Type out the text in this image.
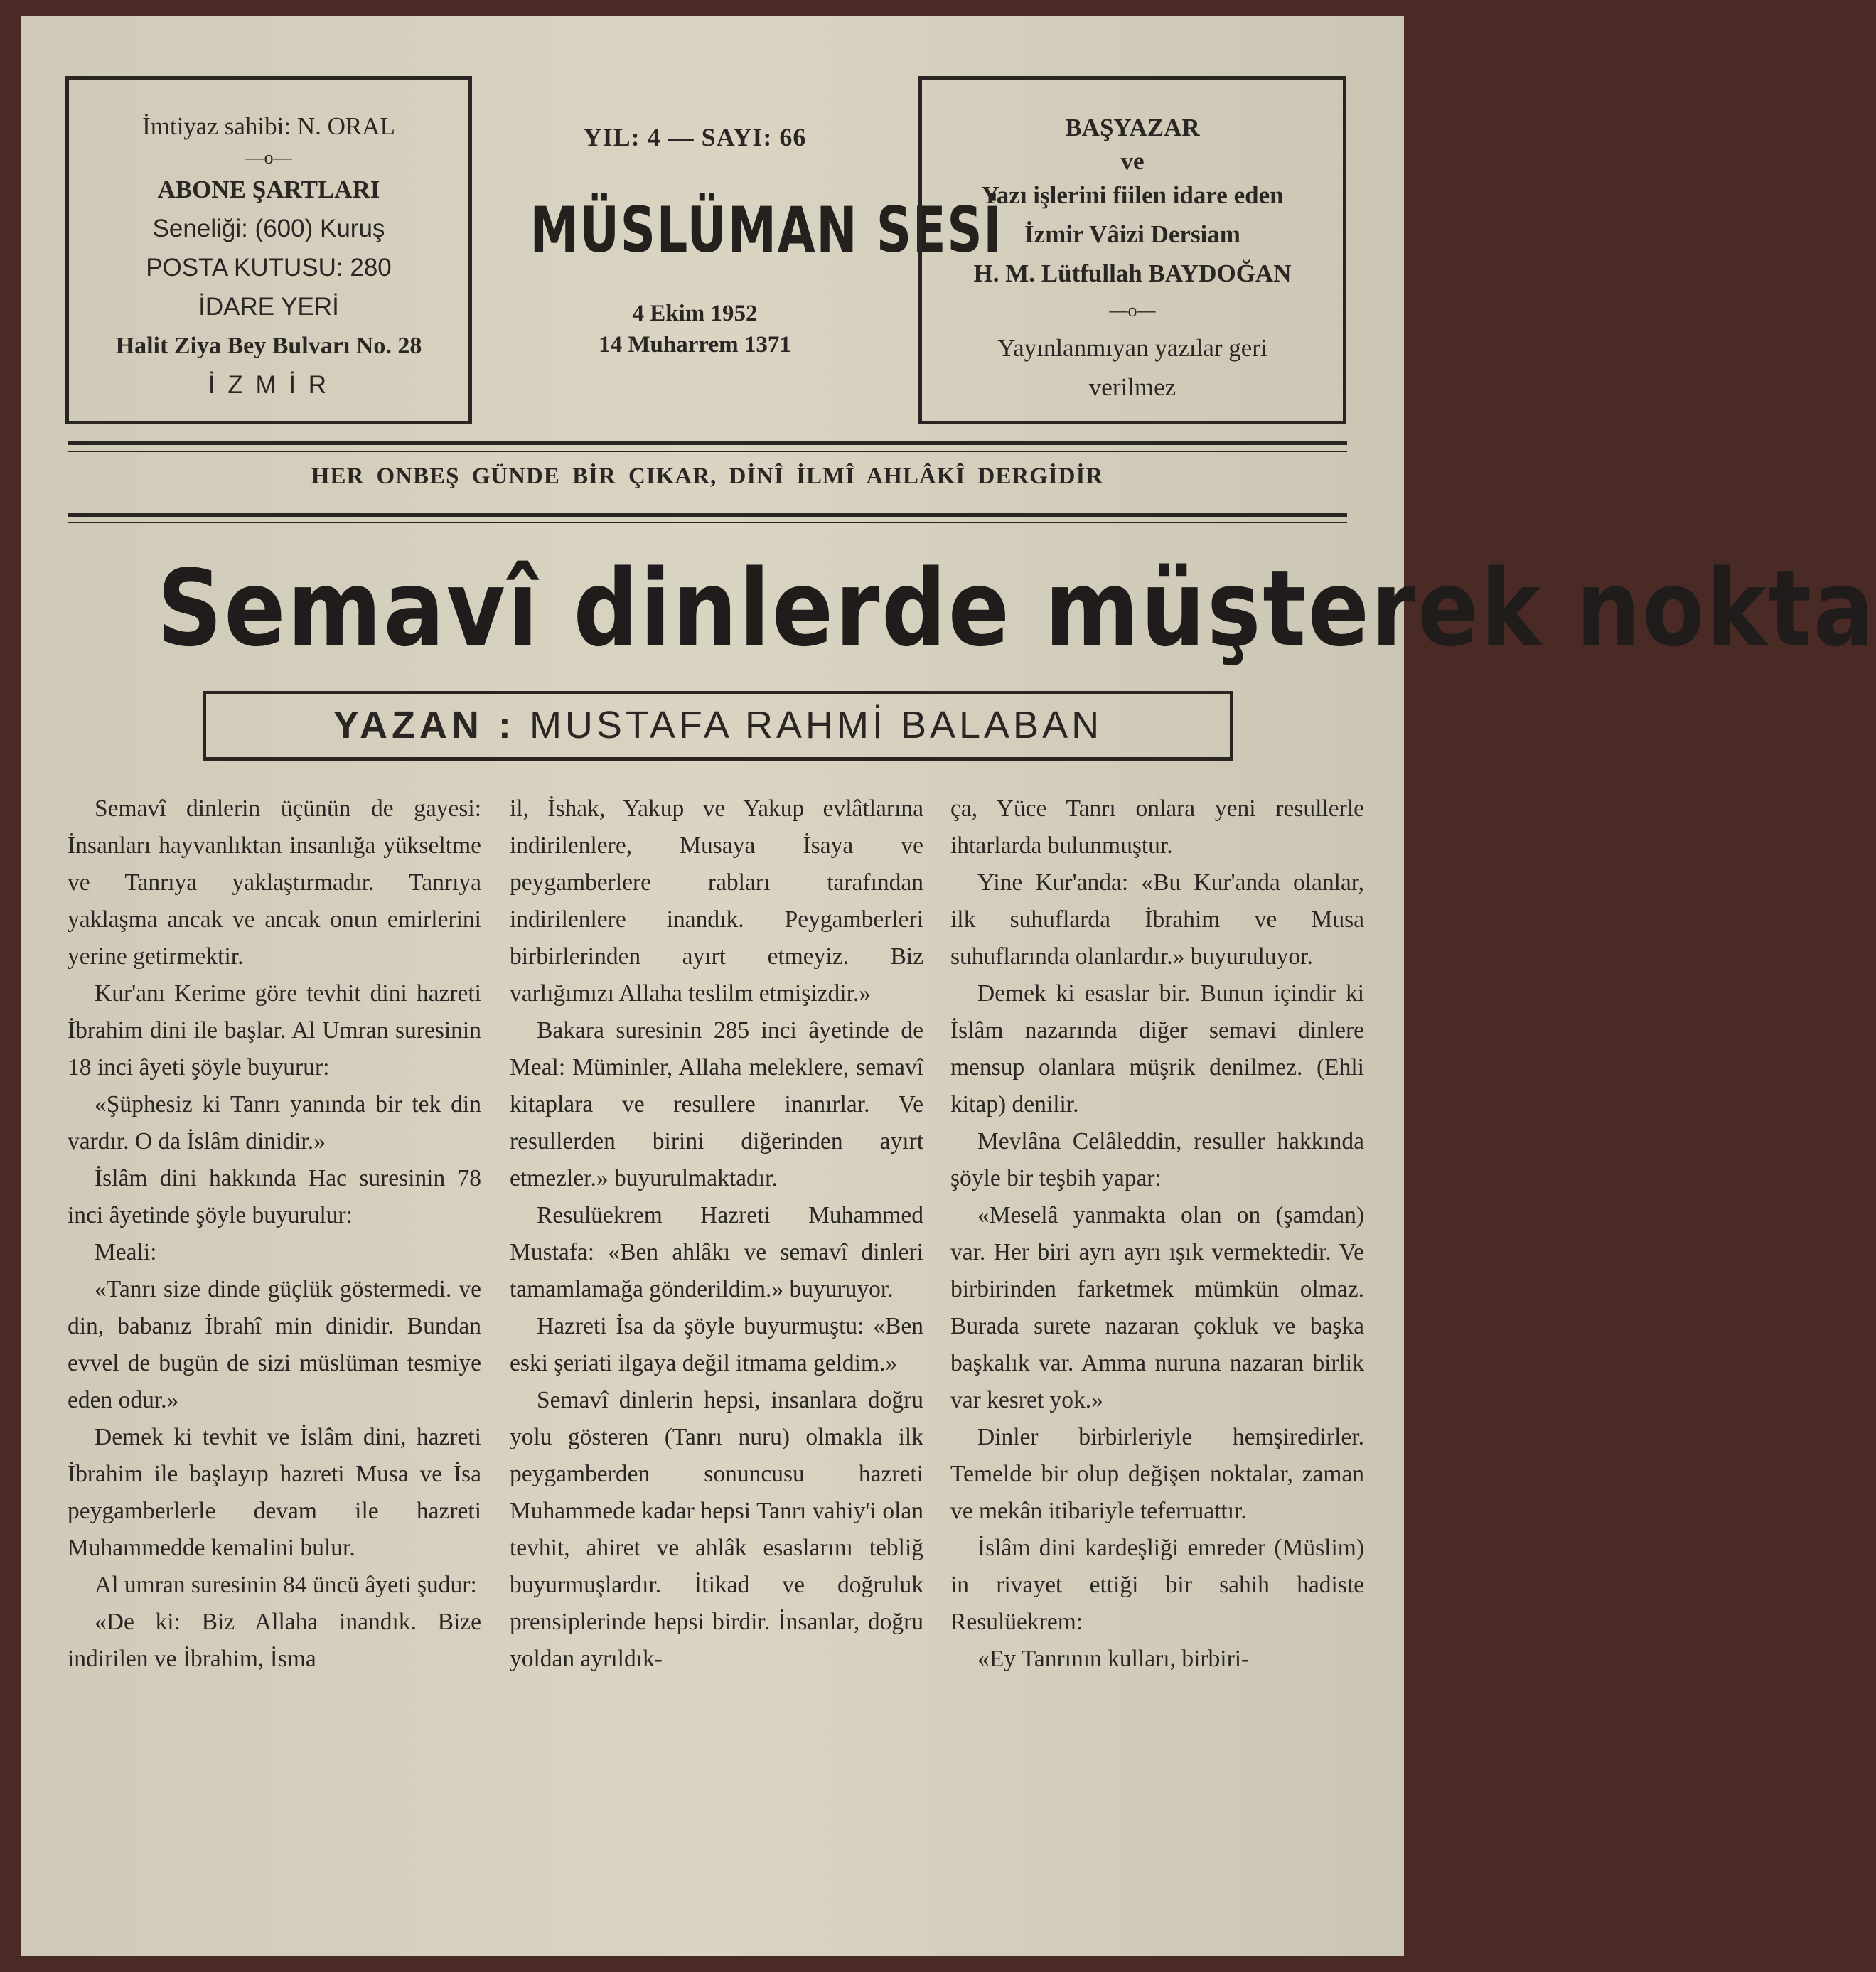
İmtiyaz sahibi: N. ORAL
—o—
ABONE ŞARTLARI
Seneliği: (600) Kuruş
POSTA KUTUSU: 280
İDARE YERİ
Halit Ziya Bey Bulvarı No. 28
İ Z M İ R
YIL: 4 — SAYI: 66
MÜSLÜMAN SESİ
4 Ekim 1952
14 Muharrem 1371
BAŞYAZAR
ve
Yazı işlerini fiilen idare eden
İzmir Vâizi Dersiam
H. M. Lütfullah BAYDOĞAN
—o—
Yayınlanmıyan yazılar geri
verilmez
HER ONBEŞ GÜNDE BİR ÇIKAR, DİNÎ İLMÎ AHLÂKÎ DERGİDİR
Semavî dinlerde müşterek nokta
YAZAN : MUSTAFA RAHMİ BALABAN

Semavî dinlerin üçünün de gayesi: İnsanları hayvanlıktan insanlığa yükseltme ve Tanrıya yaklaştırmadır. Tanrıya yaklaşma ancak ve ancak onun emirlerini yerine getirmektir.

Kur'anı Kerime göre tevhit dini hazreti İbrahim dini ile başlar. Al Umran suresinin 18 inci âyeti şöyle buyurur:

«Şüphesiz ki Tanrı yanında bir tek din vardır. O da İslâm dinidir.»

İslâm dini hakkında Hac suresinin 78 inci âyetinde şöyle buyurulur:

Meali:

«Tanrı size dinde güçlük göstermedi. ve din, babanız İbrahî min dinidir. Bundan evvel de bugün de sizi müslüman tesmiye eden odur.»

Demek ki tevhit ve İslâm dini, hazreti İbrahim ile başlayıp hazreti Musa ve İsa peygamberlerle devam ile hazreti Muhammedde kemalini bulur.

Al umran suresinin 84 üncü âyeti şudur:

«De ki: Biz Allaha inandık. Bize indirilen ve İbrahim, İsma

il, İshak, Yakup ve Yakup evlâtlarına indirilenlere, Musaya İsaya ve peygamberlere rabları tarafından indirilenlere inandık. Peygamberleri birbirlerinden ayırt etmeyiz. Biz varlığımızı Allaha teslilm etmişizdir.»

Bakara suresinin 285 inci âyetinde de Meal: Müminler, Allaha meleklere, semavî kitaplara ve resullere inanırlar. Ve resullerden birini diğerinden ayırt etmezler.» buyurulmaktadır.

Resulüekrem Hazreti Muhammed Mustafa: «Ben ahlâkı ve semavî dinleri tamamlamağa gönderildim.» buyuruyor.

Hazreti İsa da şöyle buyurmuştu: «Ben eski şeriati ilgaya değil itmama geldim.»

Semavî dinlerin hepsi, insanlara doğru yolu gösteren (Tanrı nuru) olmakla ilk peygamberden sonuncusu hazreti Muhammede kadar hepsi Tanrı vahiy'i olan tevhit, ahiret ve ahlâk esaslarını tebliğ buyurmuşlardır. İtikad ve doğruluk prensiplerinde hepsi birdir. İnsanlar, doğru yoldan ayrıldık-

ça, Yüce Tanrı onlara yeni resullerle ihtarlarda bulunmuştur.

Yine Kur'anda: «Bu Kur'anda olanlar, ilk suhuflarda İbrahim ve Musa suhuflarında olanlardır.» buyuruluyor.

Demek ki esaslar bir. Bunun içindir ki İslâm nazarında diğer semavi dinlere mensup olanlara müşrik denilmez. (Ehli kitap) denilir.

Mevlâna Celâleddin, resuller hakkında şöyle bir teşbih yapar:

«Meselâ yanmakta olan on (şamdan) var. Her biri ayrı ayrı ışık vermektedir. Ve birbirinden farketmek mümkün olmaz. Burada surete nazaran çokluk ve başka başkalık var. Amma nuruna nazaran birlik var kesret yok.»

Dinler birbirleriyle hemşiredirler. Temelde bir olup değişen noktalar, zaman ve mekân itibariyle teferruattır.

İslâm dini kardeşliği emreder (Müslim) in rivayet ettiği bir sahih hadiste Resulüekrem:

«Ey Tanrının kulları, birbiri-
